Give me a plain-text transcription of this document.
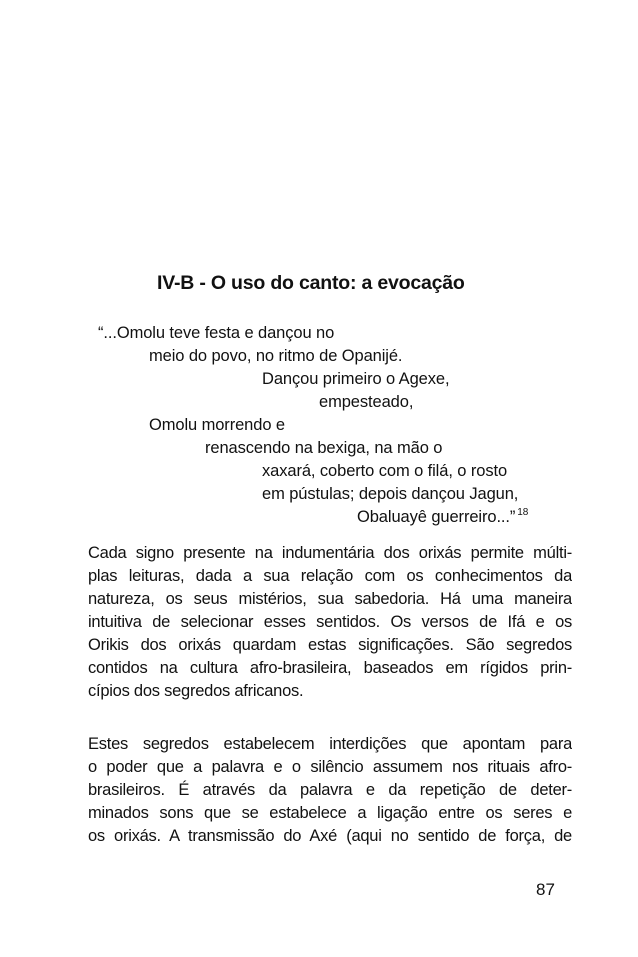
IV-B - O uso do canto: a evocação
“...Omolu teve festa e dançou no
meio do povo, no ritmo de Opanijé.
Dançou primeiro o Agexe,
empesteado,
Omolu morrendo e
renascendo na bexiga, na mão o
xaxará, coberto com o filá, o rosto
em pústulas; depois dançou Jagun,
Obaluayê guerreiro...” $^{18}$

Cada signo presente na indumentária dos orixás permite múlti-
plas leituras, dada a sua relação com os conhecimentos da
natureza, os seus mistérios, sua sabedoria. Há uma maneira
intuitiva de selecionar esses sentidos. Os versos de Ifá e os
Orikis dos orixás quardam estas significações. São segredos
contidos na cultura afro-brasileira, baseados em rígidos prin-
cípios dos segredos africanos.

Estes segredos estabelecem interdições que apontam para
o poder que a palavra e o silêncio assumem nos rituais afro-
brasileiros. É através da palavra e da repetição de deter-
minados sons que se estabelece a ligação entre os seres e
os orixás. A transmissão do Axé (aqui no sentido de força, de

87
